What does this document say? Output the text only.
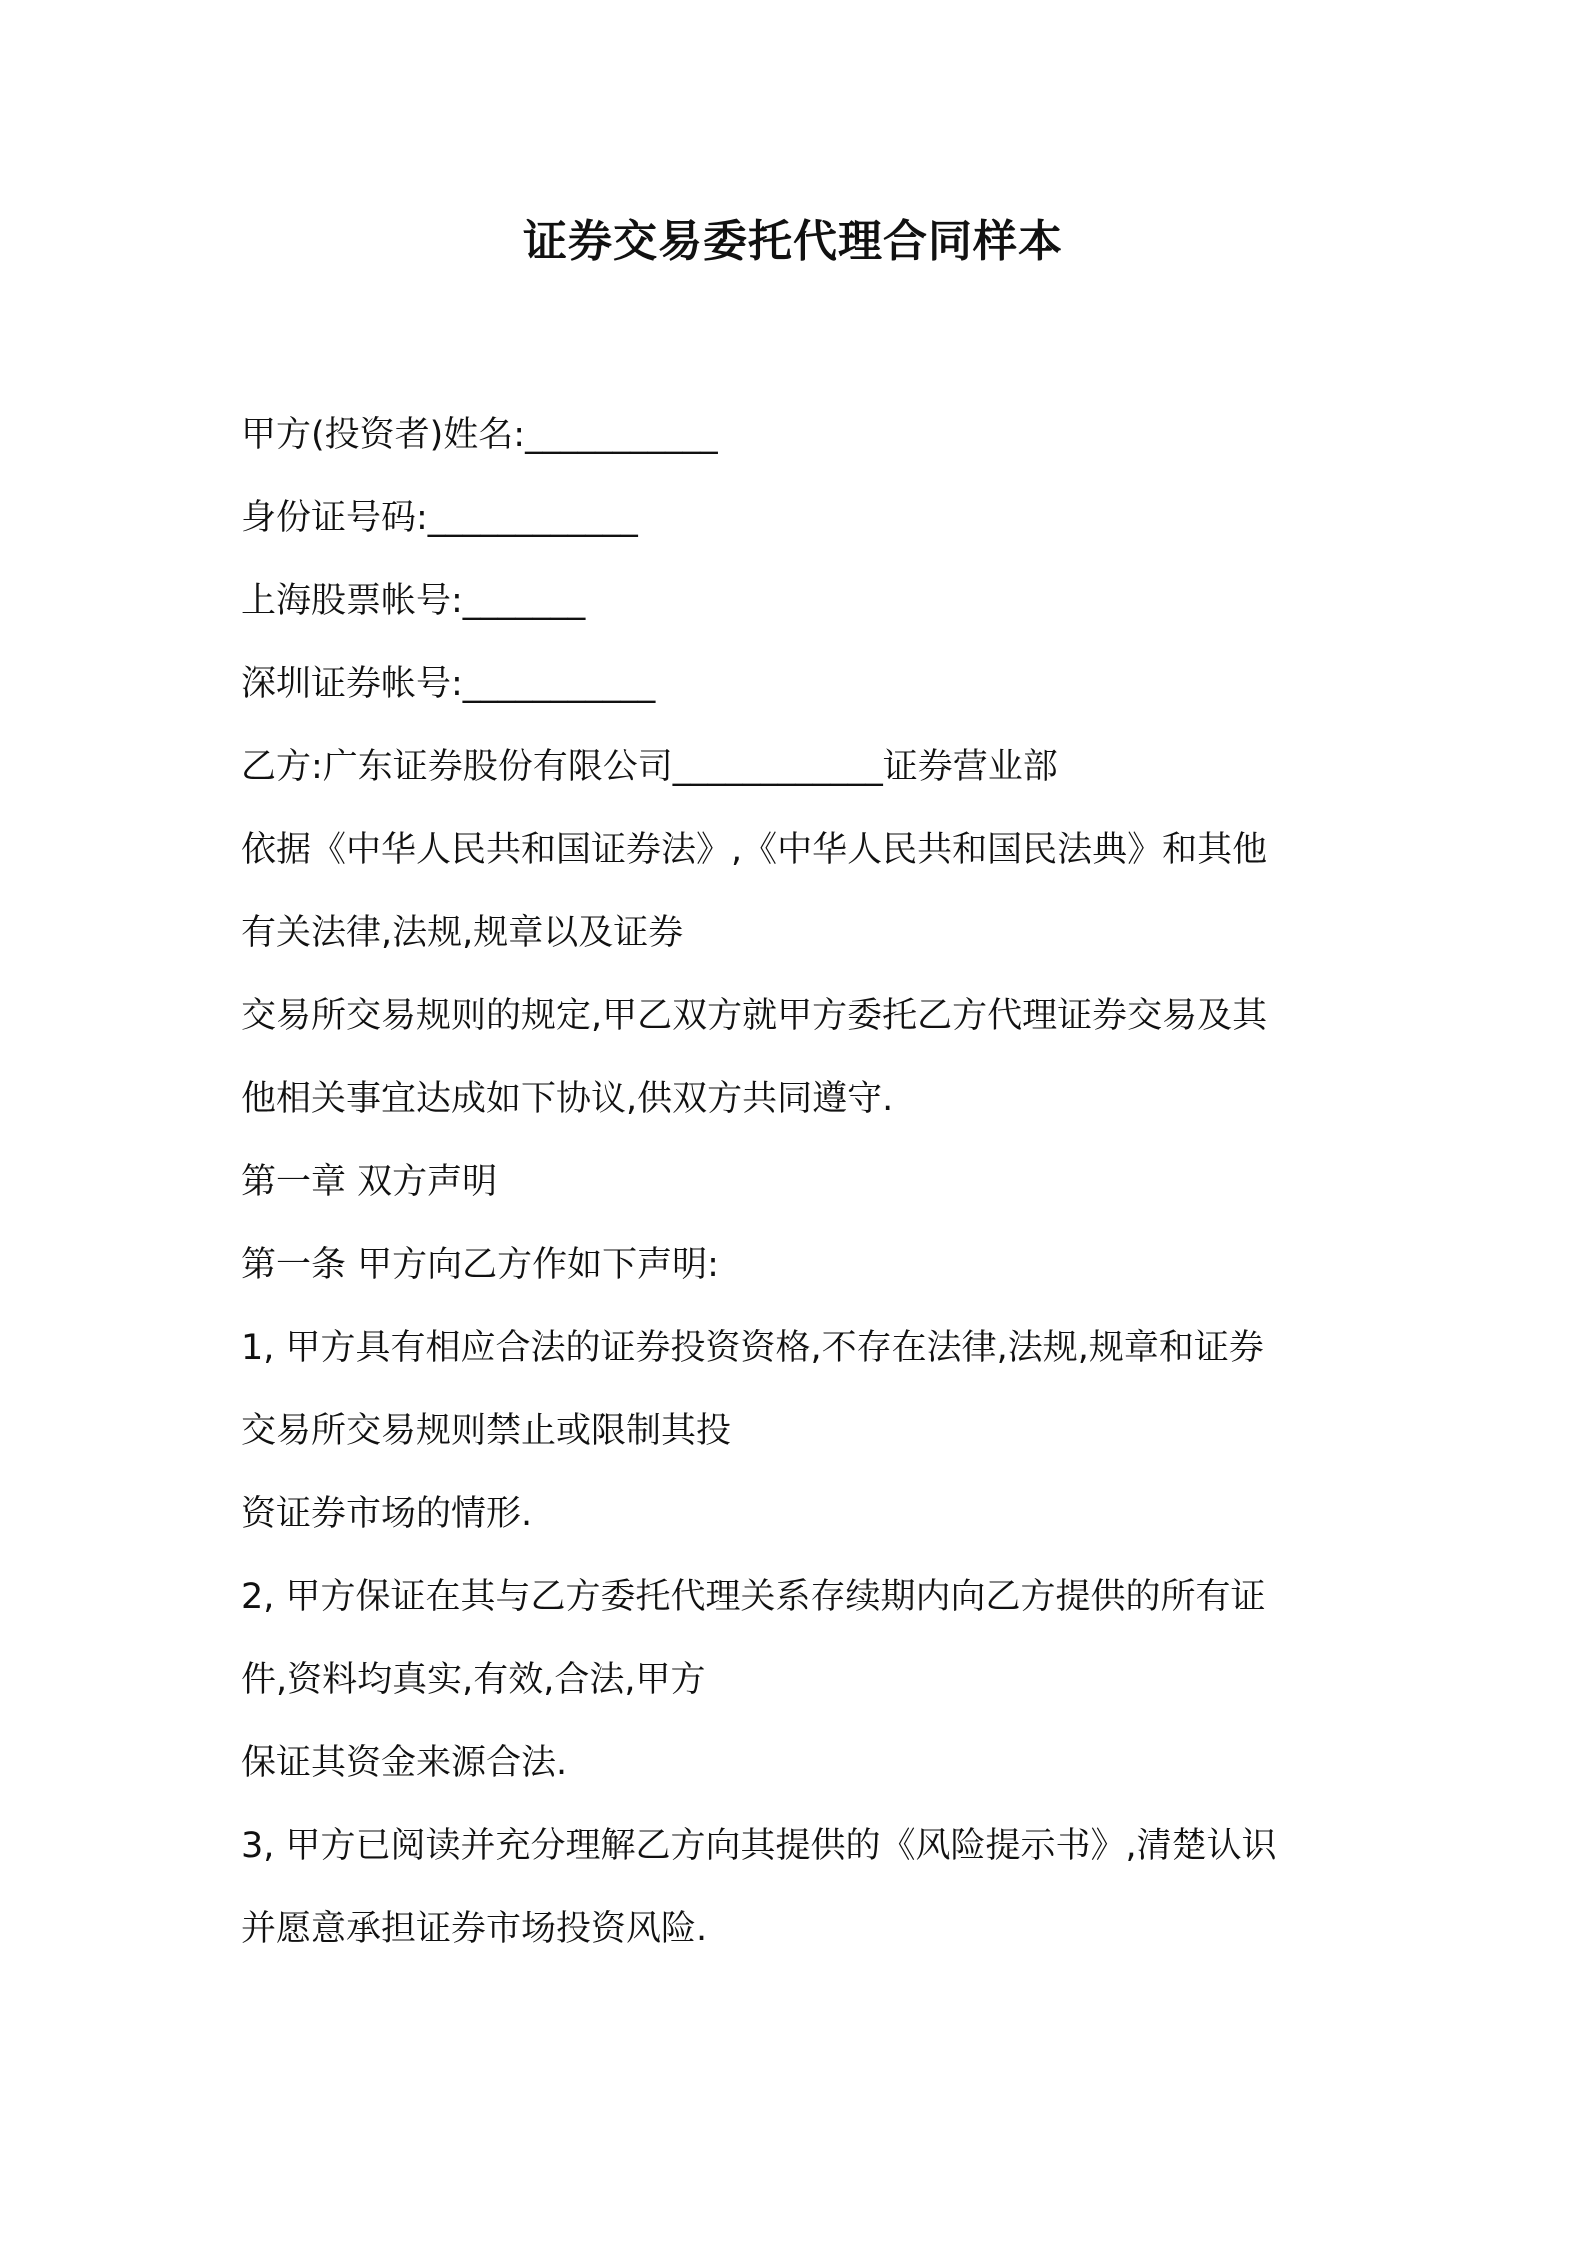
证券交易委托代理合同样本
甲方(投资者)姓名:___________
身份证号码:____________
上海股票帐号:_______
深圳证券帐号:___________
乙方:广东证券股份有限公司____________证券营业部
依据《中华人民共和国证券法》,《中华人民共和国民法典》和其他
有关法律,法规,规章以及证券
交易所交易规则的规定,甲乙双方就甲方委托乙方代理证券交易及其
他相关事宜达成如下协议,供双方共同遵守.
第一章 双方声明
第一条 甲方向乙方作如下声明:
1, 甲方具有相应合法的证券投资资格,不存在法律,法规,规章和证券
交易所交易规则禁止或限制其投
资证券市场的情形.
2, 甲方保证在其与乙方委托代理关系存续期内向乙方提供的所有证
件,资料均真实,有效,合法,甲方
保证其资金来源合法.
3, 甲方已阅读并充分理解乙方向其提供的《风险提示书》,清楚认识
并愿意承担证券市场投资风险.
